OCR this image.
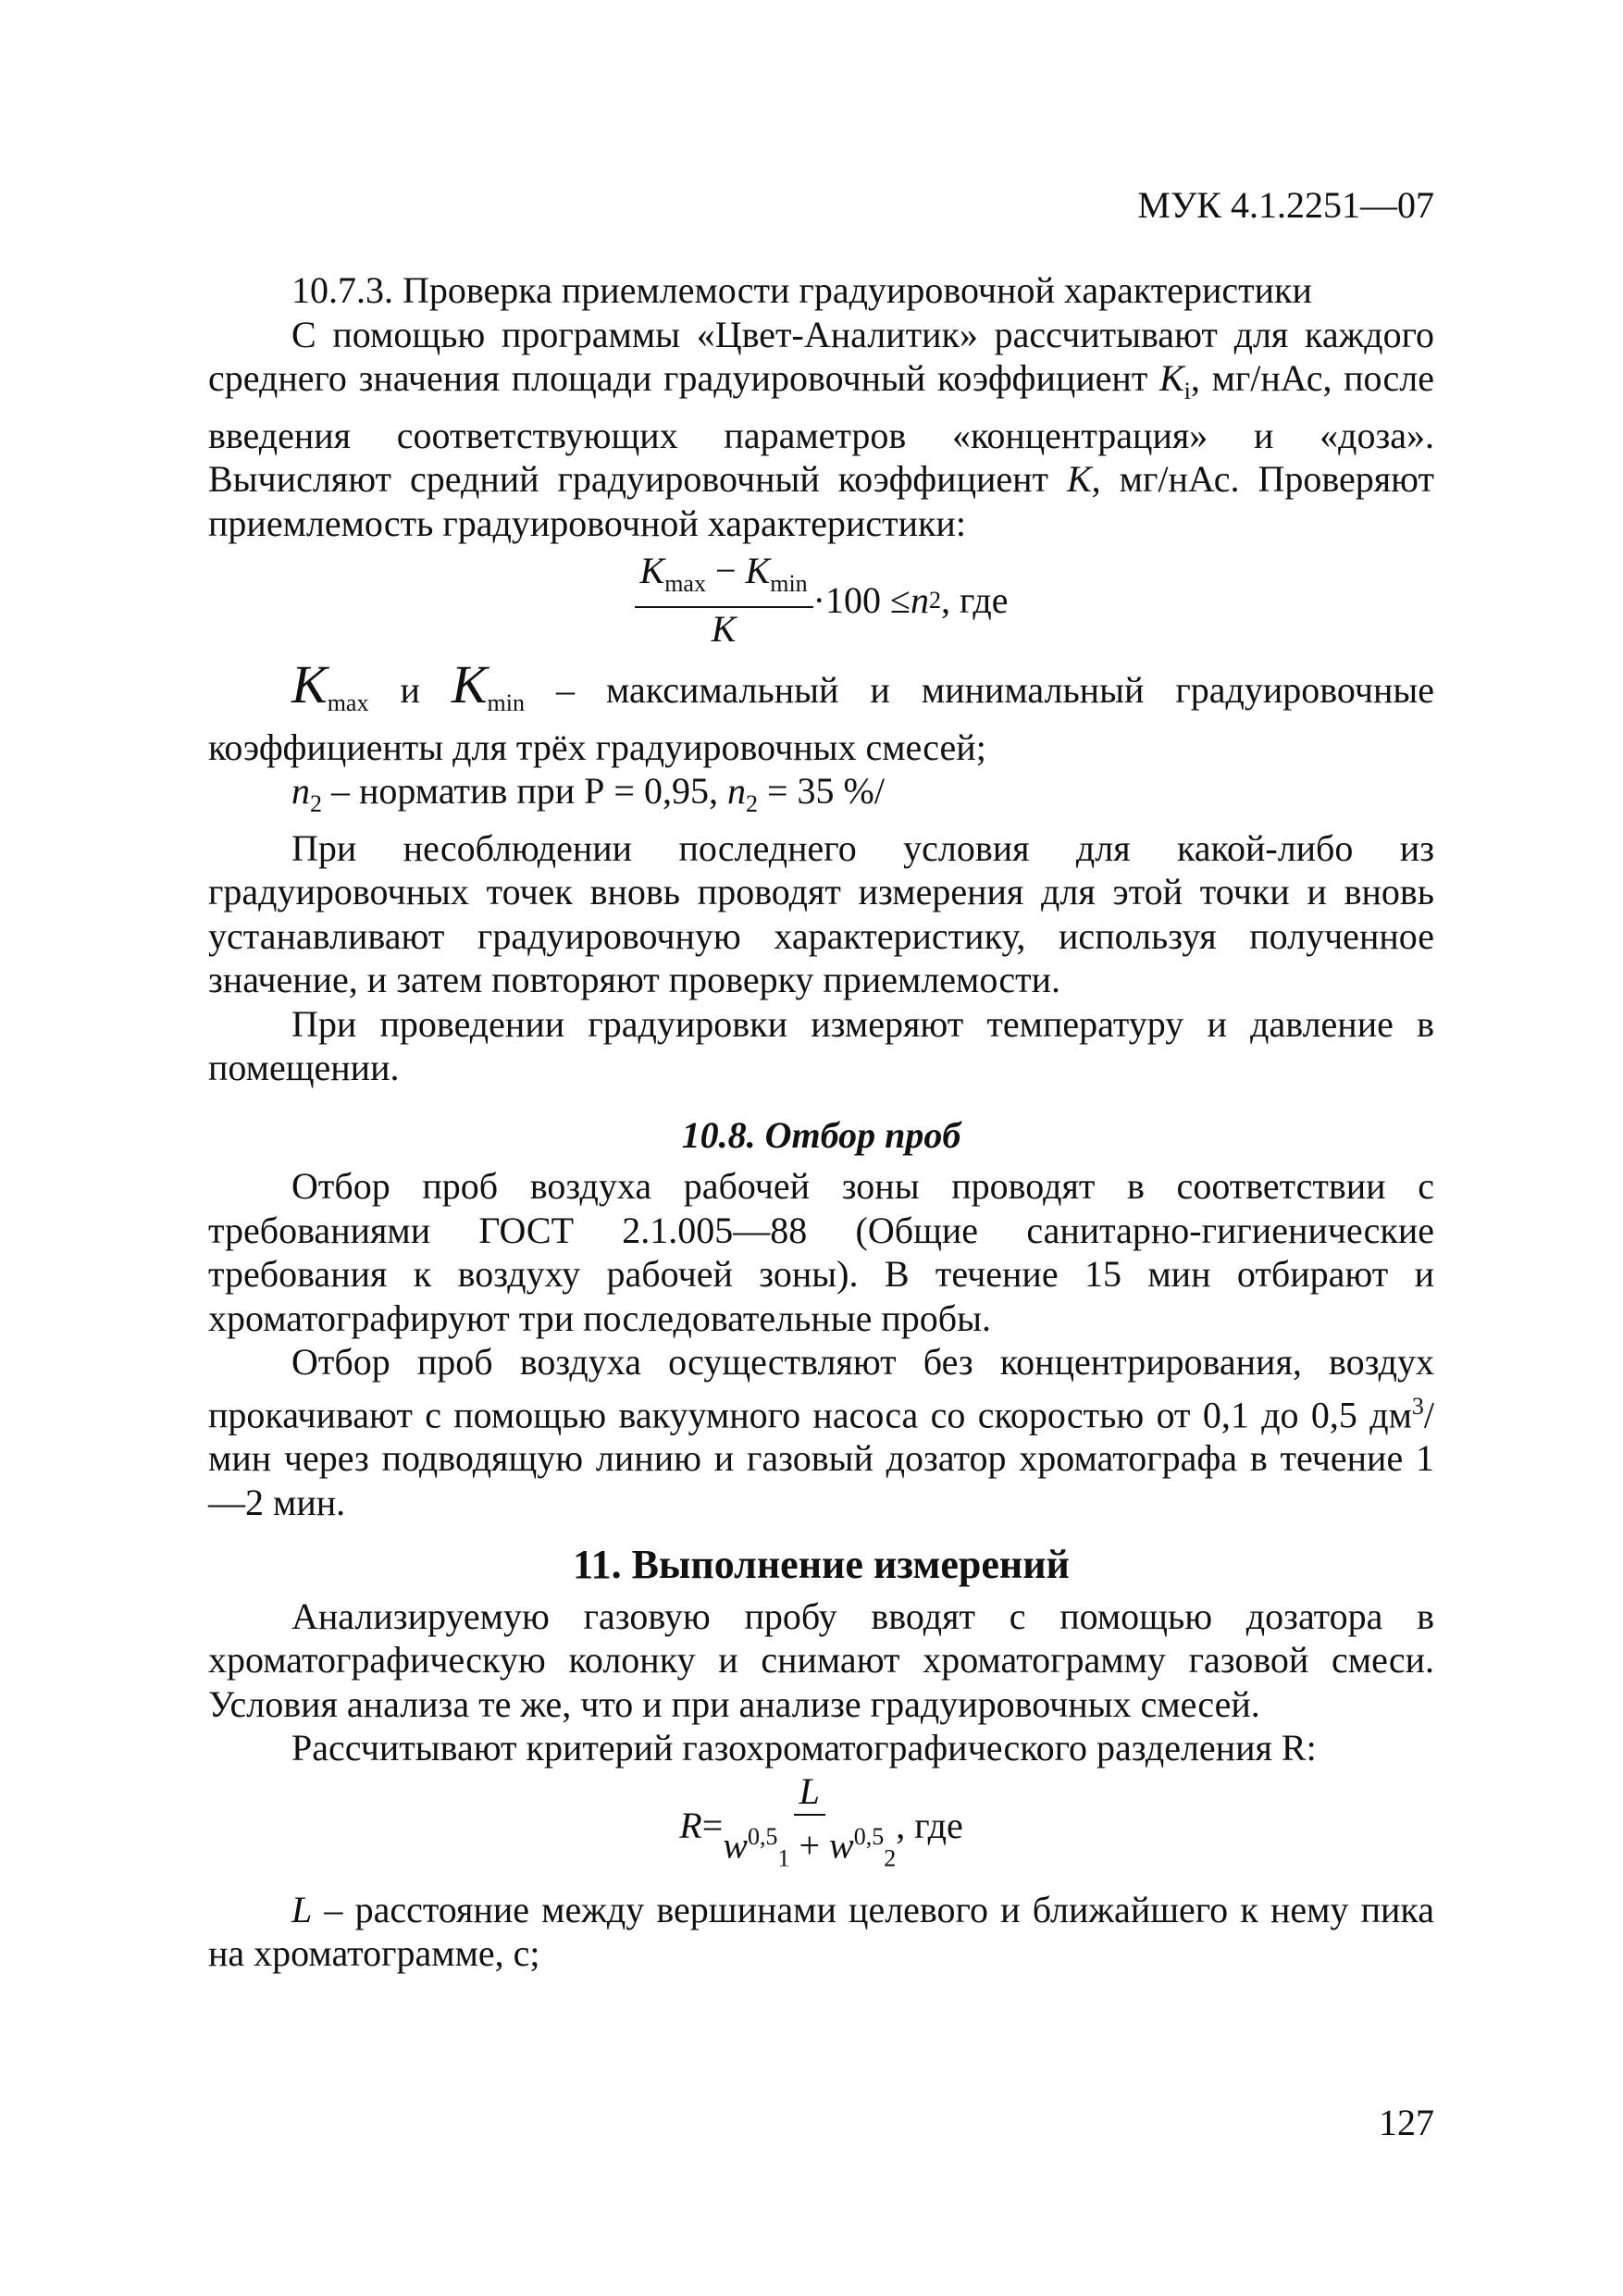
МУК 4.1.2251—07

10.7.3. Проверка приемлемости градуировочной характеристики

С помощью программы «Цвет-Аналитик» рассчитывают для каждого среднего значения площади градуировочный коэффициент $K_i$, мг/нАс, после введения соответствующих параметров «концентрация» и «доза». Вычисляют средний градуировочный коэффициент K, мг/нАс. Проверяют приемлемость градуировочной характеристики:

$\frac{K_{max} - K_{min}}{K} \cdot 100 \le n$ 2 , где

$K_{max}$ и $K_{min}$ – максимальный и минимальный градуировочные коэффициенты для трёх градуировочных смесей;

$n_2$ – норматив при Р = 0,95, $n_2 = 35$ %/

При несоблюдении последнего условия для какой-либо из градуировочных точек вновь проводят измерения для этой точки и вновь устанавливают градуировочную характеристику, используя полученное значение, и затем повторяют проверку приемлемости.

При проведении градуировки измеряют температуру и давление в помещении.

10.8. Отбор проб

Отбор проб воздуха рабочей зоны проводят в соответствии с требованиями ГОСТ 2.1.005—88 (Общие санитарно-гигиенические требования к воздуху рабочей зоны). В течение 15 мин отбирают и хроматографируют три последовательные пробы.

Отбор проб воздуха осуществляют без концентрирования, воздух прокачивают с помощью вакуумного насоса со скоростью от 0,1 до 0,5 $дм^3$/мин через подводящую линию и газовый дозатор хроматографа в течение 1—2 мин.

11. Выполнение измерений

Анализируемую газовую пробу вводят с помощью дозатора в хроматографическую колонку и снимают хроматограмму газовой смеси. Условия анализа те же, что и при анализе градуировочных смесей.

Рассчитывают критерий газохроматографического разделения R:

$R = \frac{L}{w^{0,5}_1 + w^{0,5}_2}$ , где

L – расстояние между вершинами целевого и ближайшего к нему пика на хроматограмме, с;

127
